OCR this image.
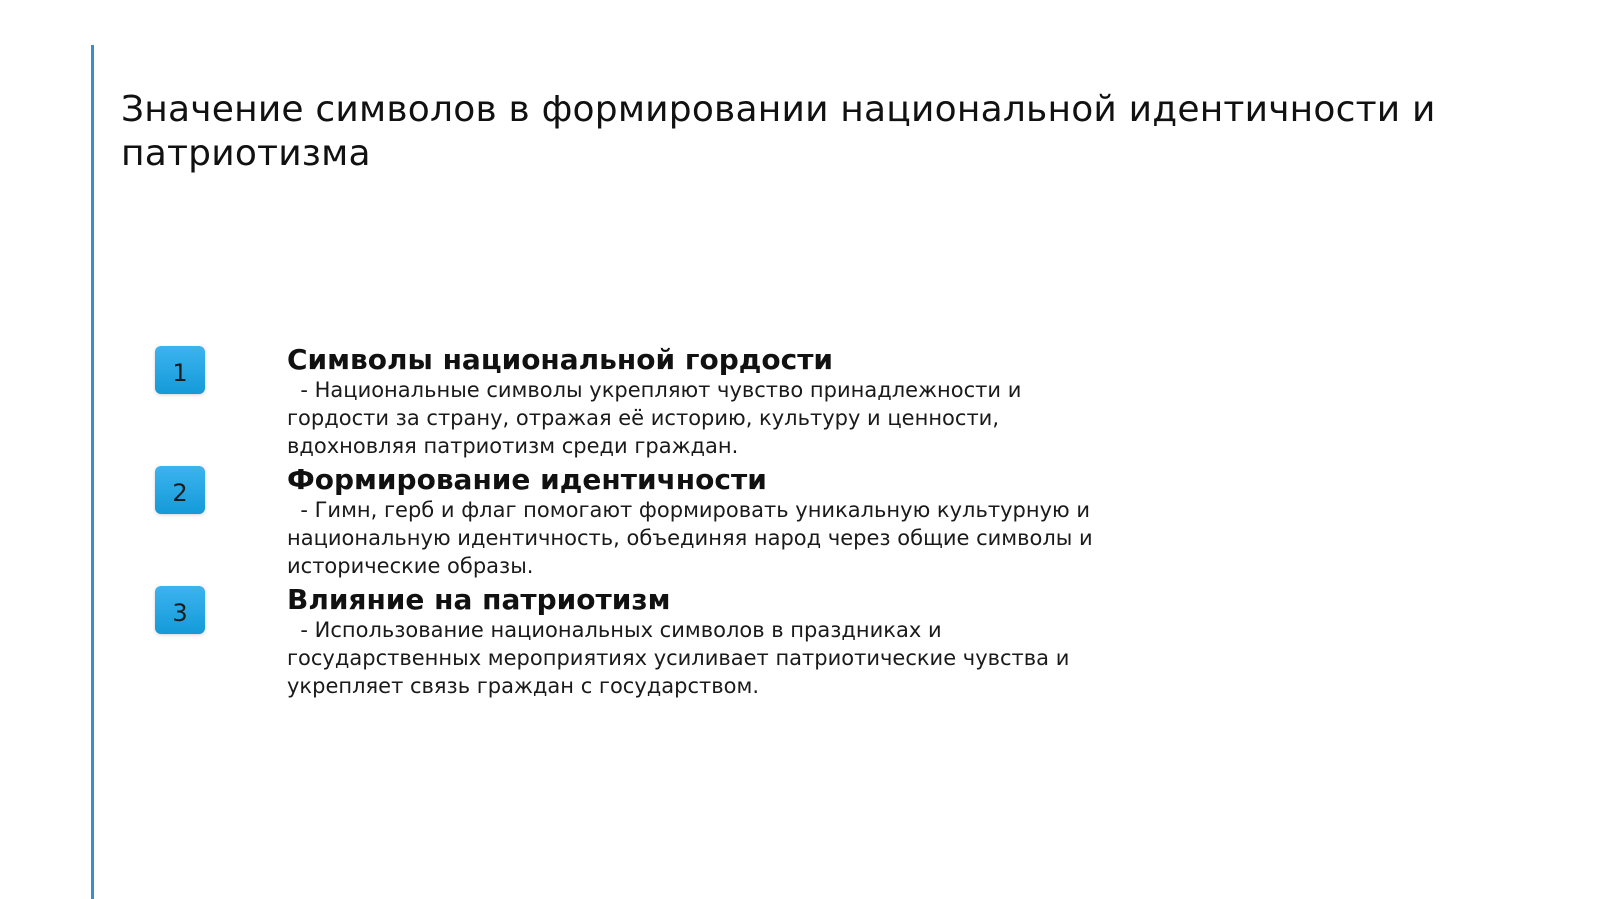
Значение символов в формировании национальной идентичности и патриотизма
1	Символы национальной гордости

- Национальные символы укрепляют чувство принадлежности и гордости за страну, отражая её историю, культуру и ценности, вдохновляя патриотизм среди граждан.

2	Формирование идентичности

- Гимн, герб и флаг помогают формировать уникальную культурную и национальную идентичность, объединяя народ через общие символы и исторические образы.

3	Влияние на патриотизм

- Использование национальных символов в праздниках и государственных мероприятиях усиливает патриотические чувства и укрепляет связь граждан с государством.
